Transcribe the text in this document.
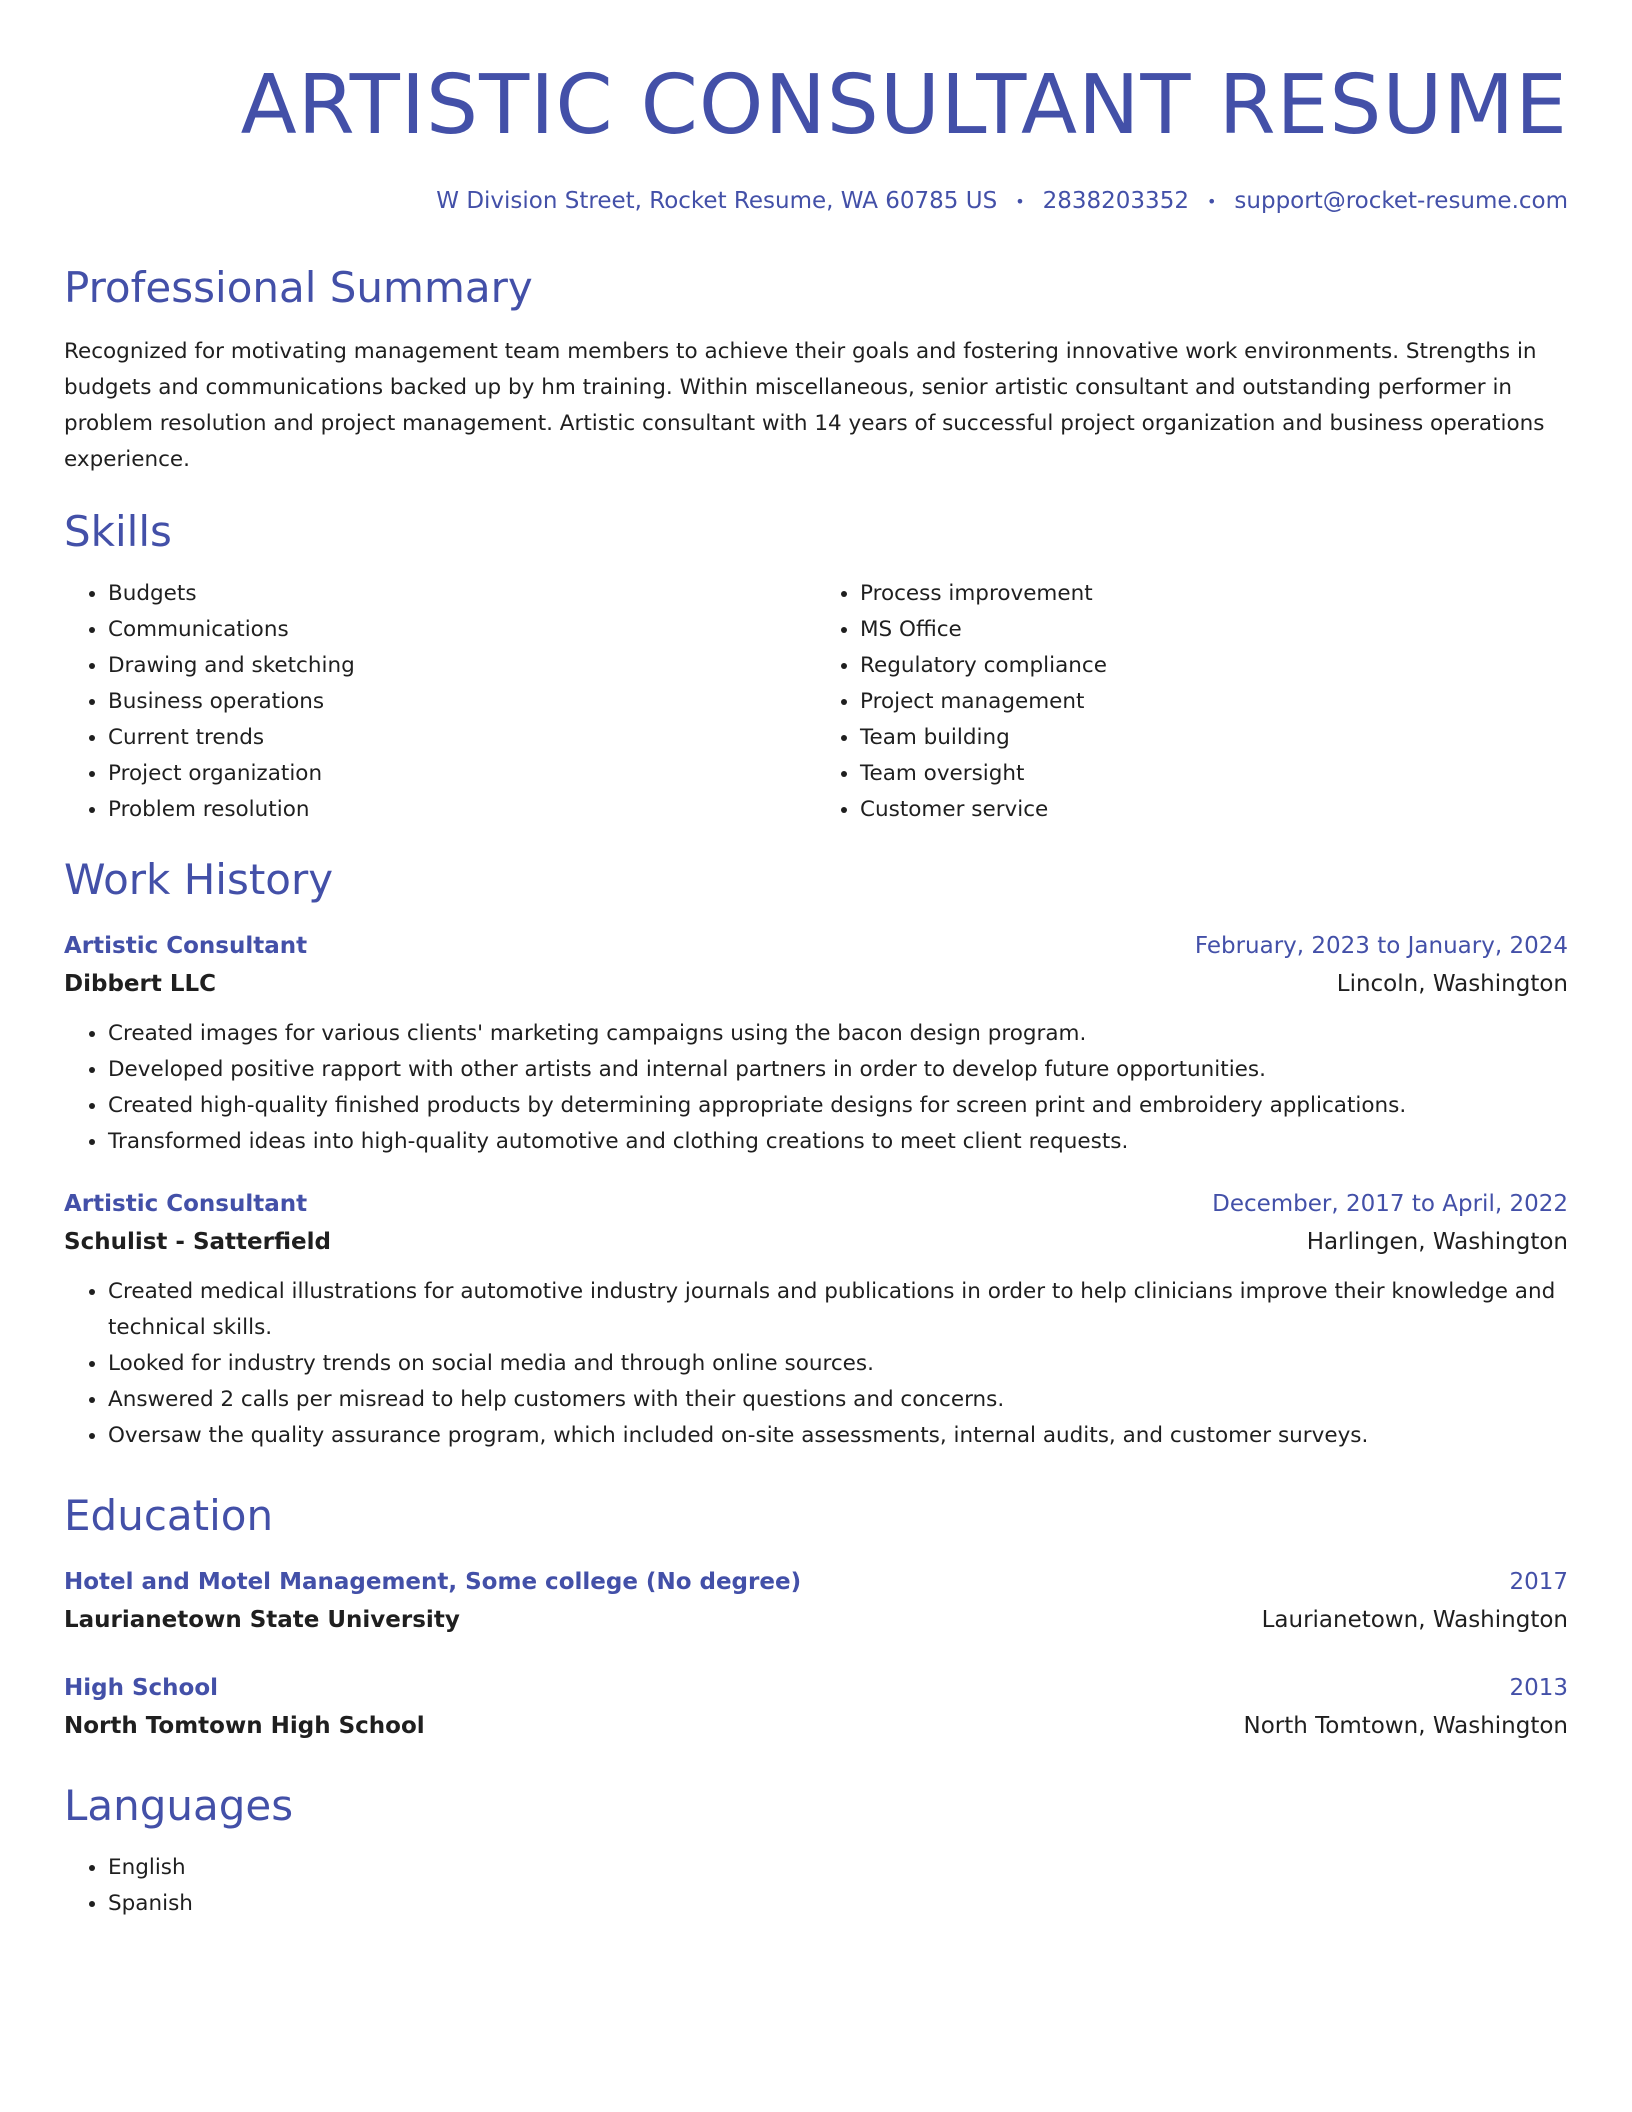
ARTISTIC CONSULTANT RESUME
W Division Street, Rocket Resume, WA 60785 US • 2838203352 • support@rocket-resume.com
Professional Summary

Recognized for motivating management team members to achieve their goals and fostering innovative work environments. Strengths in budgets and communications backed up by hm training. Within miscellaneous, senior artistic consultant and outstanding performer in problem resolution and project management. Artistic consultant with 14 years of successful project organization and business operations experience.

Skills
• Budgets
• Communications
• Drawing and sketching
• Business operations
• Current trends
• Project organization
• Problem resolution
• Process improvement
• MS Office
• Regulatory compliance
• Project management
• Team building
• Team oversight
• Customer service
Work History
Artistic Consultant	February, 2023 to January, 2024
Dibbert LLC	Lincoln, Washington
• Created images for various clients' marketing campaigns using the bacon design program.
• Developed positive rapport with other artists and internal partners in order to develop future opportunities.
• Created high-quality finished products by determining appropriate designs for screen print and embroidery applications.
• Transformed ideas into high-quality automotive and clothing creations to meet client requests.
Artistic Consultant	December, 2017 to April, 2022
Schulist - Satterfield	Harlingen, Washington
• Created medical illustrations for automotive industry journals and publications in order to help clinicians improve their knowledge and technical skills.
• Looked for industry trends on social media and through online sources.
• Answered 2 calls per misread to help customers with their questions and concerns.
• Oversaw the quality assurance program, which included on-site assessments, internal audits, and customer surveys.
Education
Hotel and Motel Management, Some college (No degree)	2017
Laurianetown State University	Laurianetown, Washington
High School	2013
North Tomtown High School	North Tomtown, Washington
Languages
• English
• Spanish
